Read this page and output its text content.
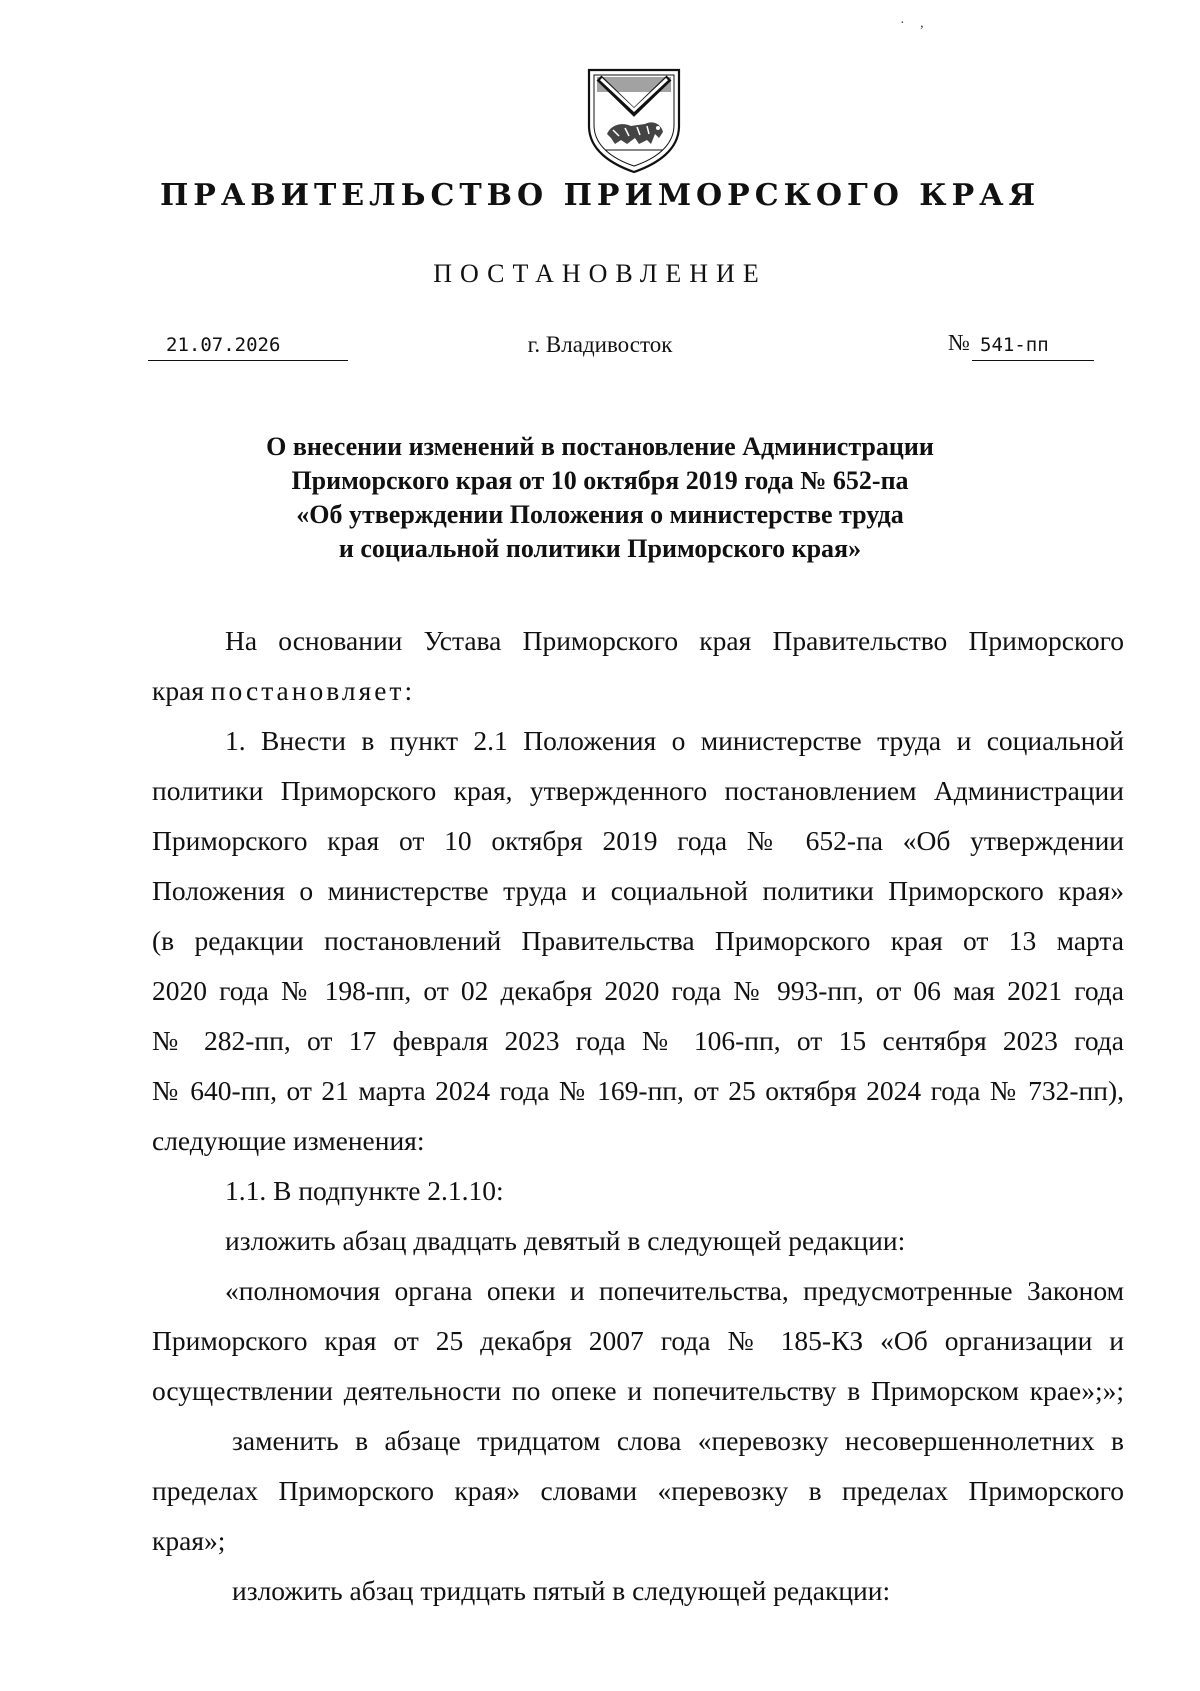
· ,
ПРАВИТЕЛЬСТВО ПРИМОРСКОГО КРАЯ
ПОСТАНОВЛЕНИЕ
21.07.2026	г. Владивосток	№ 541-пп
О внесении изменений в постановление Администрации
Приморского края от 10 октября 2019 года № 652-па
«Об утверждении Положения о министерстве труда
и социальной политики Приморского края»
На основании Устава Приморского края Правительство Приморского
края постановляет:
1. Внести в пункт 2.1 Положения о министерстве труда и социальной
политики Приморского края, утвержденного постановлением Администрации
Приморского края от 10 октября 2019 года № 652-па «Об утверждении
Положения о министерстве труда и социальной политики Приморского края»
(в редакции постановлений Правительства Приморского края от 13 марта
2020 года № 198-пп, от 02 декабря 2020 года № 993-пп, от 06 мая 2021 года
№ 282-пп, от 17 февраля 2023 года № 106-пп, от 15 сентября 2023 года
№ 640-пп, от 21 марта 2024 года № 169-пп, от 25 октября 2024 года № 732-пп),
следующие изменения:
1.1. В подпункте 2.1.10:
изложить абзац двадцать девятый в следующей редакции:
«полномочия органа опеки и попечительства, предусмотренные Законом
Приморского края от 25 декабря 2007 года № 185-КЗ «Об организации и
осуществлении деятельности по опеке и попечительству в Приморском крае»;»;
заменить в абзаце тридцатом слова «перевозку несовершеннолетних в
пределах Приморского края» словами «перевозку в пределах Приморского
края»;
изложить абзац тридцать пятый в следующей редакции:
